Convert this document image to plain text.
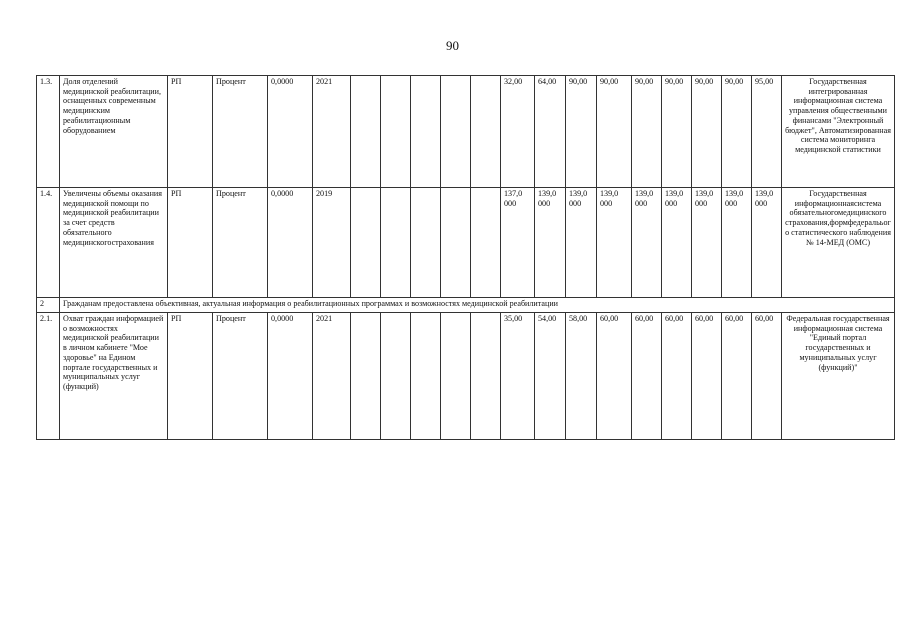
90
1.3.	Доля отделений медицинской реабилитации, оснащенных современным медицинским реабилитационным оборудованием	РП	Процент	0,0000	2021						32,00	64,00	90,00	90,00	90,00	90,00	90,00	90,00	95,00	Государственная интегрированная информационная система управления общественными финансами "Электронный бюджет", Автоматизированная система мониторинга медицинской статистики
1.4.	Увеличены объемы оказания медицинской помощи по медицинской реабилитации за счет средств обязательного медицинскогострахования	РП	Процент	0,0000	2019						137,0 000	139,0 000	139,0 000	139,0 000	139,0 000	139,0 000	139,0 000	139,0 000	139,0 000	Государственная информационнаясистема обязательногомедицинского страхования,формфедеральього статистического наблюдения № 14-МЕД (ОМС)
2	Гражданам предоставлена объективная, актуальная информация о реабилитационных программах и возможностях медицинской реабилитации																			
2.1.	Охват граждан информацией о возможностях медицинской реабилитации в личном кабинете "Мое здоровье" на Едином портале государственных и муниципальных услуг (функций)	РП	Процент	0,0000	2021						35,00	54,00	58,00	60,00	60,00	60,00	60,00	60,00	60,00	Федеральная государственная информационная система "Единый портал государственных и муниципальных услуг (функций)"
